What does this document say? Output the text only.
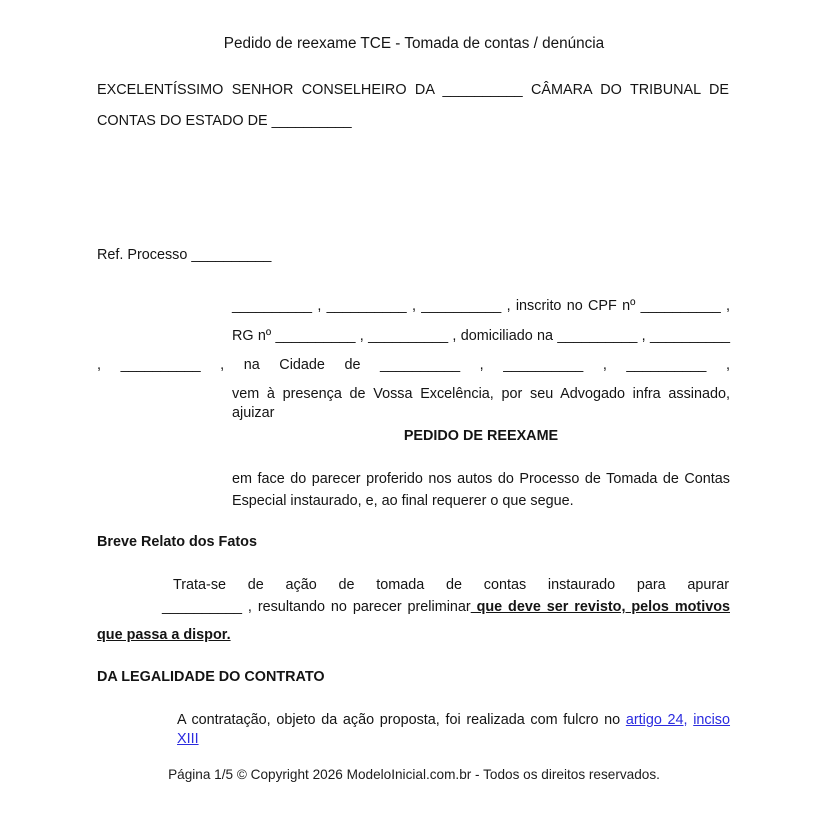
Pedido de reexame TCE - Tomada de contas / denúncia
EXCELENTÍSSIMO SENHOR CONSELHEIRO DA __________ CÂMARA DO TRIBUNAL DE
CONTAS DO ESTADO DE __________
Ref. Processo __________
__________ , __________ , __________ , inscrito no CPF nº __________ ,
RG nº __________ , __________ , domiciliado na __________ , __________
, __________ , na Cidade de __________ , __________ , __________ ,
vem à presença de Vossa Excelência, por seu Advogado infra assinado, ajuizar
PEDIDO DE REEXAME
em face do parecer proferido nos autos do Processo de Tomada de Contas
Especial instaurado, e, ao final requerer o que segue.
Breve Relato dos Fatos
Trata-se de ação de tomada de contas instaurado para apurar
__________ , resultando no parecer preliminar que deve ser revisto, pelos motivos
que passa a dispor.
DA LEGALIDADE DO CONTRATO
A contratação, objeto da ação proposta, foi realizada com fulcro no artigo 24, inciso XIII
Página 1/5 © Copyright 2026 ModeloInicial.com.br - Todos os direitos reservados.
